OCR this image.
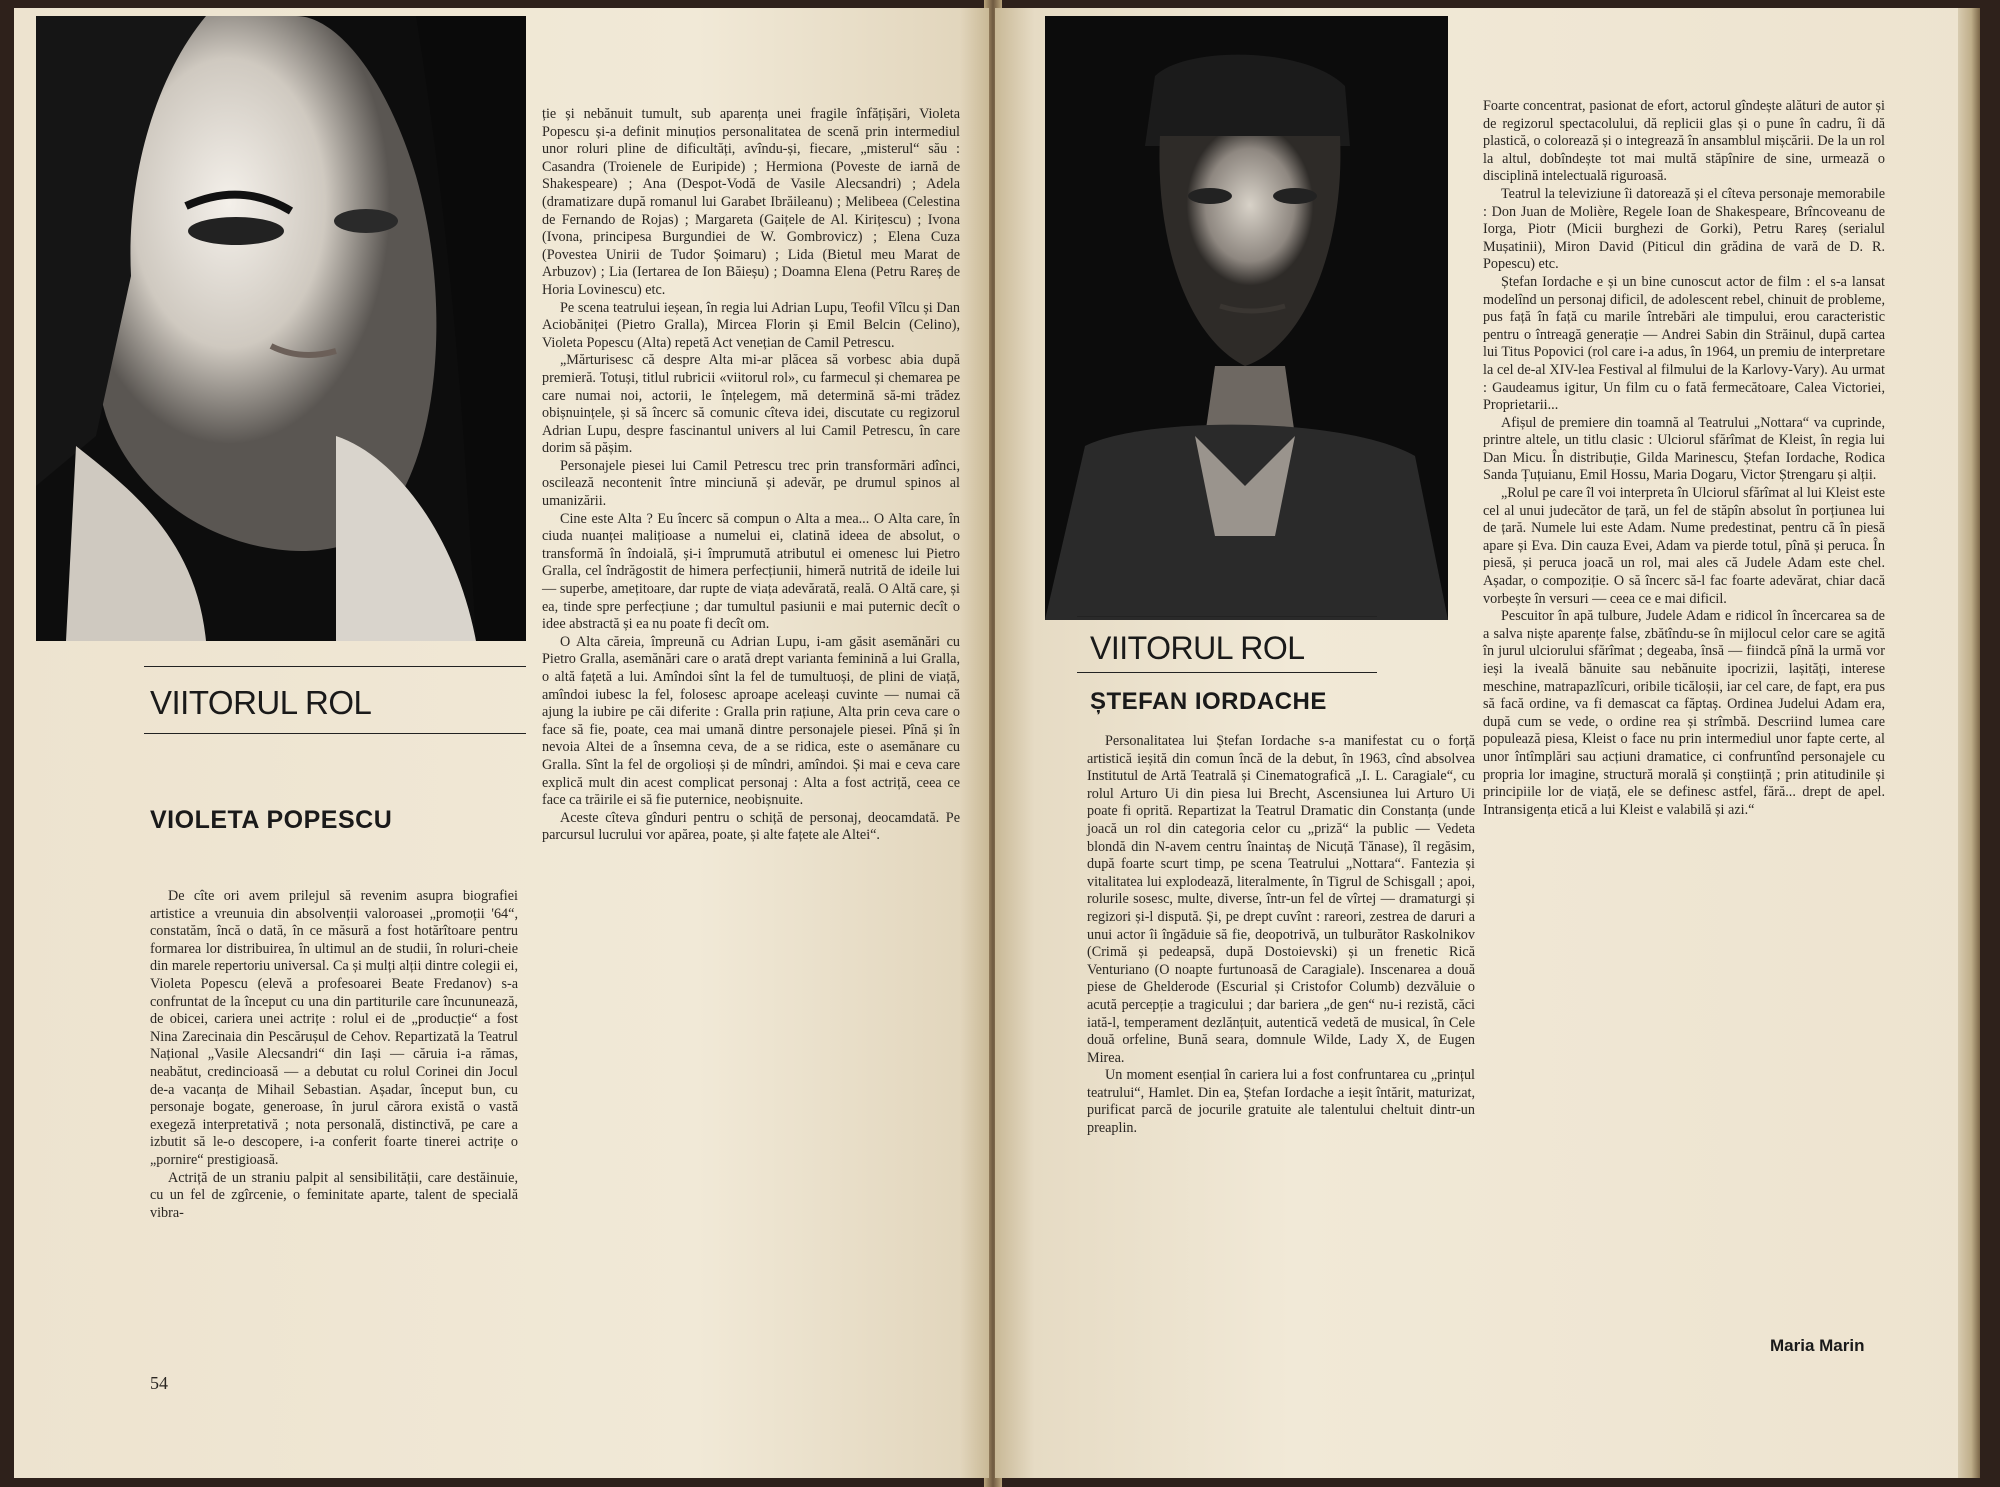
VIITORUL ROL
VIOLETA POPESCU

De cîte ori avem prilejul să revenim asupra biografiei artistice a vreunuia din absolvenții valoroasei „promoții '64“, constatăm, încă o dată, în ce măsură a fost hotărîtoare pentru formarea lor distribuirea, în ultimul an de studii, în roluri-cheie din marele repertoriu universal. Ca și mulți alții dintre colegii ei, Violeta Popescu (elevă a profesoarei Beate Fredanov) s-a confruntat de la început cu una din partiturile care încununează, de obicei, cariera unei actrițe : rolul ei de „producție“ a fost Nina Zarecinaia din Pescărușul de Cehov. Repartizată la Teatrul Național „Vasile Alecsandri“ din Iași — căruia i-a rămas, neabătut, credincioasă — a debutat cu rolul Corinei din Jocul de-a vacanța de Mihail Sebastian. Așadar, început bun, cu personaje bogate, generoase, în jurul cărora există o vastă exegeză interpretativă ; nota personală, distinctivă, pe care a izbutit să le-o descopere, i-a conferit foarte tinerei actrițe o „pornire“ prestigioasă.

Actriță de un straniu palpit al sensibilității, care destăinuie, cu un fel de zgîrcenie, o feminitate aparte, talent de specială vibra-

ție și nebănuit tumult, sub aparența unei fragile înfățișări, Violeta Popescu și-a definit minuțios personalitatea de scenă prin intermediul unor roluri pline de dificultăți, avîndu-și, fiecare, „misterul“ său : Casandra (Troienele de Euripide) ; Hermiona (Poveste de iarnă de Shakespeare) ; Ana (Despot-Vodă de Vasile Alecsandri) ; Adela (dramatizare după romanul lui Garabet Ibrăileanu) ; Melibeea (Celestina de Fernando de Rojas) ; Margareta (Gaițele de Al. Kirițescu) ; Ivona (Ivona, principesa Burgundiei de W. Gombrovicz) ; Elena Cuza (Povestea Unirii de Tudor Șoimaru) ; Lida (Bietul meu Marat de Arbuzov) ; Lia (Iertarea de Ion Băieșu) ; Doamna Elena (Petru Rareș de Horia Lovinescu) etc.

Pe scena teatrului ieșean, în regia lui Adrian Lupu, Teofil Vîlcu și Dan Aciobăniței (Pietro Gralla), Mircea Florin și Emil Belcin (Celino), Violeta Popescu (Alta) repetă Act venețian de Camil Petrescu.

„Mărturisesc că despre Alta mi-ar plăcea să vorbesc abia după premieră. Totuși, titlul rubricii «viitorul rol», cu farmecul și chemarea pe care numai noi, actorii, le înțelegem, mă determină să-mi trădez obișnuințele, și să încerc să comunic cîteva idei, discutate cu regizorul Adrian Lupu, despre fascinantul univers al lui Camil Petrescu, în care dorim să pășim.

Personajele piesei lui Camil Petrescu trec prin transformări adînci, oscilează necontenit între minciună și adevăr, pe drumul spinos al umanizării.

Cine este Alta ? Eu încerc să compun o Alta a mea... O Alta care, în ciuda nuanței malițioase a numelui ei, clatină ideea de absolut, o transformă în îndoială, și-i împrumută atributul ei omenesc lui Pietro Gralla, cel îndrăgostit de himera perfecțiunii, himeră nutrită de ideile lui — superbe, amețitoare, dar rupte de viața adevărată, reală. O Altă care, și ea, tinde spre perfecțiune ; dar tumultul pasiunii e mai puternic decît o idee abstractă și ea nu poate fi decît om.

O Alta căreia, împreună cu Adrian Lupu, i-am găsit asemănări cu Pietro Gralla, asemănări care o arată drept varianta feminină a lui Gralla, o altă fațetă a lui. Amîndoi sînt la fel de tumultuoși, de plini de viață, amîndoi iubesc la fel, folosesc aproape aceleași cuvinte — numai că ajung la iubire pe căi diferite : Gralla prin rațiune, Alta prin ceva care o face să fie, poate, cea mai umană dintre personajele piesei. Pînă și în nevoia Altei de a însemna ceva, de a se ridica, este o asemănare cu Gralla. Sînt la fel de orgolioși și de mîndri, amîndoi. Și mai e ceva care explică mult din acest complicat personaj : Alta a fost actriță, ceea ce face ca trăirile ei să fie puternice, neobișnuite.

Aceste cîteva gînduri pentru o schiță de personaj, deocamdată. Pe parcursul lucrului vor apărea, poate, și alte fațete ale Altei“.

54
VIITORUL ROL
ȘTEFAN IORDACHE

Personalitatea lui Ștefan Iordache s-a manifestat cu o forță artistică ieșită din comun încă de la debut, în 1963, cînd absolvea Institutul de Artă Teatrală și Cinematografică „I. L. Caragiale“, cu rolul Arturo Ui din piesa lui Brecht, Ascensiunea lui Arturo Ui poate fi oprită. Repartizat la Teatrul Dramatic din Constanța (unde joacă un rol din categoria celor cu „priză“ la public — Vedeta blondă din N-avem centru înaintaș de Nicuță Tănase), îl regăsim, după foarte scurt timp, pe scena Teatrului „Nottara“. Fantezia și vitalitatea lui explodează, literalmente, în Tigrul de Schisgall ; apoi, rolurile sosesc, multe, diverse, într-un fel de vîrtej — dramaturgi și regizori și-l dispută. Și, pe drept cuvînt : rareori, zestrea de daruri a unui actor îi îngăduie să fie, deopotrivă, un tulburător Raskolnikov (Crimă și pedeapsă, după Dostoievski) și un frenetic Rică Venturiano (O noapte furtunoasă de Caragiale). Inscenarea a două piese de Ghelderode (Escurial și Cristofor Columb) dezvăluie o acută percepție a tragicului ; dar bariera „de gen“ nu-i rezistă, căci iată-l, temperament dezlănțuit, autentică vedetă de musical, în Cele două orfeline, Bună seara, domnule Wilde, Lady X, de Eugen Mirea.

Un moment esențial în cariera lui a fost confruntarea cu „prințul teatrului“, Hamlet. Din ea, Ștefan Iordache a ieșit întărit, maturizat, purificat parcă de jocurile gratuite ale talentului cheltuit dintr-un preaplin.

Foarte concentrat, pasionat de efort, actorul gîndește alături de autor și de regizorul spectacolului, dă replicii glas și o pune în cadru, îi dă plastică, o colorează și o integrează în ansamblul mișcării. De la un rol la altul, dobîndește tot mai multă stăpînire de sine, urmează o disciplină intelectuală riguroasă.

Teatrul la televiziune îi datorează și el cîteva personaje memorabile : Don Juan de Molière, Regele Ioan de Shakespeare, Brîncoveanu de Iorga, Piotr (Micii burghezi de Gorki), Petru Rareș (serialul Mușatinii), Miron David (Piticul din grădina de vară de D. R. Popescu) etc.

Ștefan Iordache e și un bine cunoscut actor de film : el s-a lansat modelînd un personaj dificil, de adolescent rebel, chinuit de probleme, pus față în față cu marile întrebări ale timpului, erou caracteristic pentru o întreagă generație — Andrei Sabin din Străinul, după cartea lui Titus Popovici (rol care i-a adus, în 1964, un premiu de interpretare la cel de-al XIV-lea Festival al filmului de la Karlovy-Vary). Au urmat : Gaudeamus igitur, Un film cu o fată fermecătoare, Calea Victoriei, Proprietarii...

Afișul de premiere din toamnă al Teatrului „Nottara“ va cuprinde, printre altele, un titlu clasic : Ulciorul sfărîmat de Kleist, în regia lui Dan Micu. În distribuție, Gilda Marinescu, Ștefan Iordache, Rodica Sanda Țuțuianu, Emil Hossu, Maria Dogaru, Victor Ștrengaru și alții.

„Rolul pe care îl voi interpreta în Ulciorul sfărîmat al lui Kleist este cel al unui judecător de țară, un fel de stăpîn absolut în porțiunea lui de țară. Numele lui este Adam. Nume predestinat, pentru că în piesă apare și Eva. Din cauza Evei, Adam va pierde totul, pînă și peruca. În piesă, și peruca joacă un rol, mai ales că Judele Adam este chel. Așadar, o compoziție. O să încerc să-l fac foarte adevărat, chiar dacă vorbește în versuri — ceea ce e mai dificil.

Pescuitor în apă tulbure, Judele Adam e ridicol în încercarea sa de a salva niște aparențe false, zbătîndu-se în mijlocul celor care se agită în jurul ulciorului sfărîmat ; degeaba, însă — fiindcă pînă la urmă vor ieși la iveală bănuite sau nebănuite ipocrizii, lașități, interese meschine, matrapazlîcuri, oribile ticăloșii, iar cel care, de fapt, era pus să facă ordine, va fi demascat ca făptaș. Ordinea Judelui Adam era, după cum se vede, o ordine rea și strîmbă. Descriind lumea care populează piesa, Kleist o face nu prin intermediul unor fapte certe, al unor întîmplări sau acțiuni dramatice, ci confruntînd personajele cu propria lor imagine, structură morală și conștiință ; prin atitudinile și principiile lor de viață, ele se definesc astfel, fără... drept de apel. Intransigența etică a lui Kleist e valabilă și azi.“

Maria Marin
